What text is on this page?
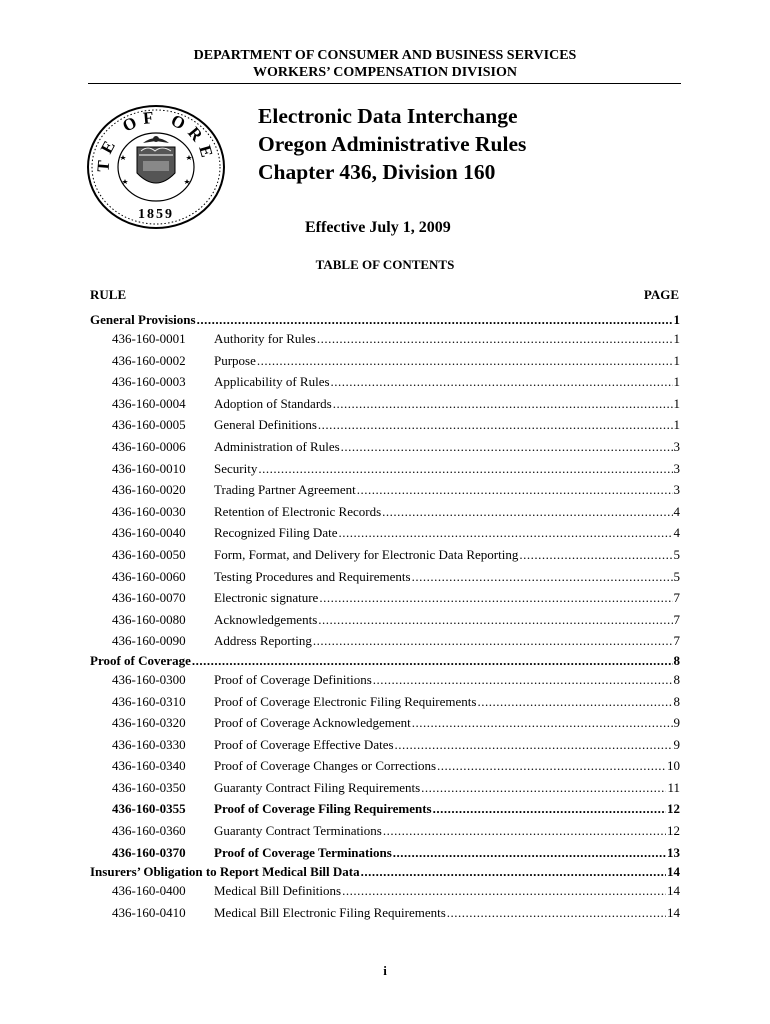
DEPARTMENT OF CONSUMER AND BUSINESS SERVICES
WORKERS’ COMPENSATION DIVISION
TE OF ORE
1859
Electronic Data Interchange
Oregon Administrative Rules
Chapter 436, Division 160
Effective July 1, 2009
TABLE OF CONTENTS
RULE	PAGE
General Provisions .....	1
436-160-0001	Authority for Rules .....	1
436-160-0002	Purpose .....	1
436-160-0003	Applicability of Rules .....	1
436-160-0004	Adoption of Standards .....	1
436-160-0005	General Definitions .....	1
436-160-0006	Administration of Rules .....	3
436-160-0010	Security .....	3
436-160-0020	Trading Partner Agreement .....	3
436-160-0030	Retention of Electronic Records .....	4
436-160-0040	Recognized Filing Date .....	4
436-160-0050	Form, Format, and Delivery for Electronic Data Reporting .....	5
436-160-0060	Testing Procedures and Requirements .....	5
436-160-0070	Electronic signature .....	7
436-160-0080	Acknowledgements .....	7
436-160-0090	Address Reporting .....	7
Proof of Coverage .....	8
436-160-0300	Proof of Coverage Definitions .....	8
436-160-0310	Proof of Coverage Electronic Filing Requirements .....	8
436-160-0320	Proof of Coverage Acknowledgement .....	9
436-160-0330	Proof of Coverage Effective Dates .....	9
436-160-0340	Proof of Coverage Changes or Corrections .....	10
436-160-0350	Guaranty Contract Filing Requirements .....	11
436-160-0355	Proof of Coverage Filing Requirements .....	12
436-160-0360	Guaranty Contract Terminations .....	12
436-160-0370	Proof of Coverage Terminations .....	13
Insurers’ Obligation to Report Medical Bill Data .....	14
436-160-0400	Medical Bill Definitions .....	14
436-160-0410	Medical Bill Electronic Filing Requirements .....	14
i
